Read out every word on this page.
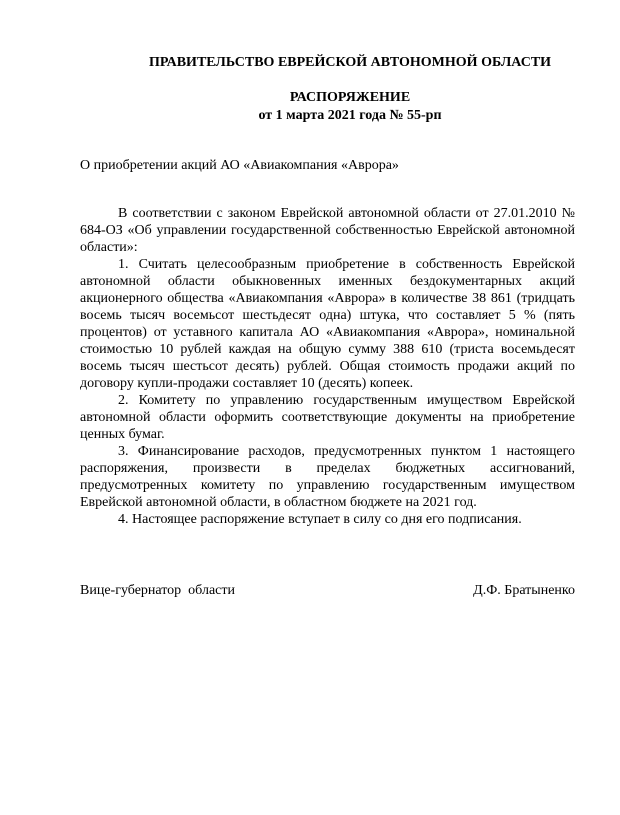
ПРАВИТЕЛЬСТВО ЕВРЕЙСКОЙ АВТОНОМНОЙ ОБЛАСТИ
РАСПОРЯЖЕНИЕ
от 1 марта 2021 года № 55-рп
О приобретении акций АО «Авиакомпания «Аврора»

В соответствии с законом Еврейской автономной области от 27.01.2010 № 684-ОЗ «Об управлении государственной собственностью Еврейской автономной области»:

1. Считать целесообразным приобретение в собственность Еврейской автономной области обыкновенных именных бездокументарных акций акционерного общества «Авиакомпания «Аврора» в количестве 38 861 (тридцать восемь тысяч восемьсот шестьдесят одна) штука, что составляет 5 % (пять процентов) от уставного капитала АО «Авиакомпания «Аврора», номинальной стоимостью 10 рублей каждая на общую сумму 388 610 (триста восемьдесят восемь тысяч шестьсот десять) рублей. Общая стоимость продажи акций по договору купли-продажи составляет 10 (десять) копеек.

2. Комитету по управлению государственным имуществом Еврейской автономной области оформить соответствующие документы на приобретение ценных бумаг.

3. Финансирование расходов, предусмотренных пунктом 1 настоящего распоряжения, произвести в пределах бюджетных ассигнований, предусмотренных комитету по управлению государственным имуществом Еврейской автономной области, в областном бюджете на 2021 год.

4. Настоящее распоряжение вступает в силу со дня его подписания.

Вице-губернатор  области	Д.Ф. Братыненко
